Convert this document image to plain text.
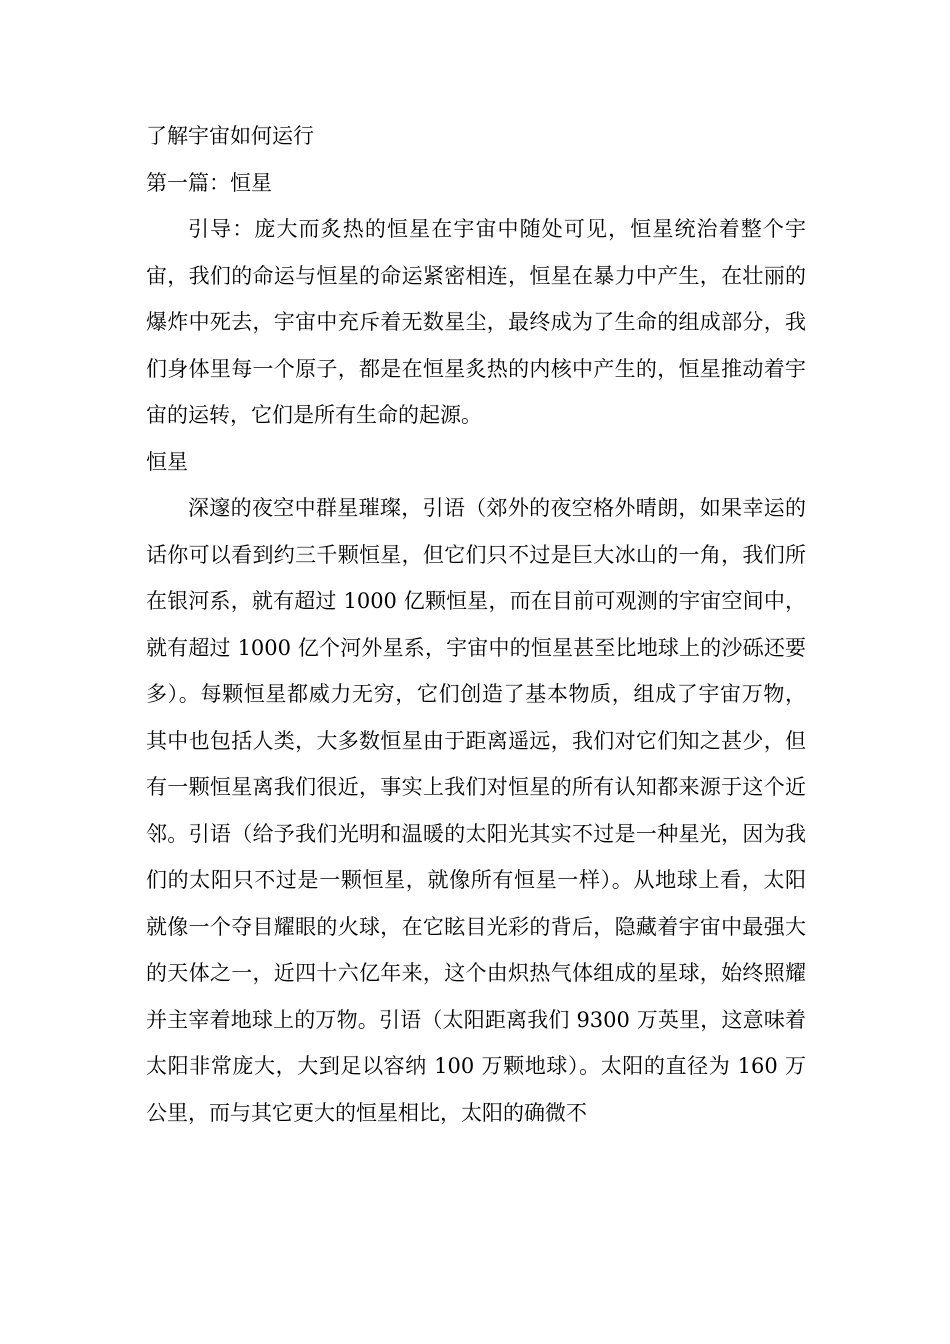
了解宇宙如何运行

第一篇：恒星

引导：庞大而炙热的恒星在宇宙中随处可见，恒星统治着整个宇宙，我们的命运与恒星的命运紧密相连，恒星在暴力中产生，在壮丽的爆炸中死去，宇宙中充斥着无数星尘，最终成为了生命的组成部分，我们身体里每一个原子，都是在恒星炙热的内核中产生的，恒星推动着宇宙的运转，它们是所有生命的起源。

恒星

深邃的夜空中群星璀璨，引语（郊外的夜空格外晴朗，如果幸运的话你可以看到约三千颗恒星，但它们只不过是巨大冰山的一角，我们所在银河系，就有超过 1000 亿颗恒星，而在目前可观测的宇宙空间中，就有超过 1000 亿个河外星系，宇宙中的恒星甚至比地球上的沙砾还要多）。每颗恒星都威力无穷，它们创造了基本物质，组成了宇宙万物，其中也包括人类，大多数恒星由于距离遥远，我们对它们知之甚少，但有一颗恒星离我们很近，事实上我们对恒星的所有认知都来源于这个近邻。引语（给予我们光明和温暖的太阳光其实不过是一种星光，因为我们的太阳只不过是一颗恒星，就像所有恒星一样）。从地球上看，太阳就像一个夺目耀眼的火球，在它眩目光彩的背后，隐藏着宇宙中最强大的天体之一，近四十六亿年来，这个由炽热气体组成的星球，始终照耀并主宰着地球上的万物。引语（太阳距离我们 9300 万英里，这意味着太阳非常庞大，大到足以容纳 100 万颗地球）。太阳的直径为 160 万公里，而与其它更大的恒星相比，太阳的确微不
